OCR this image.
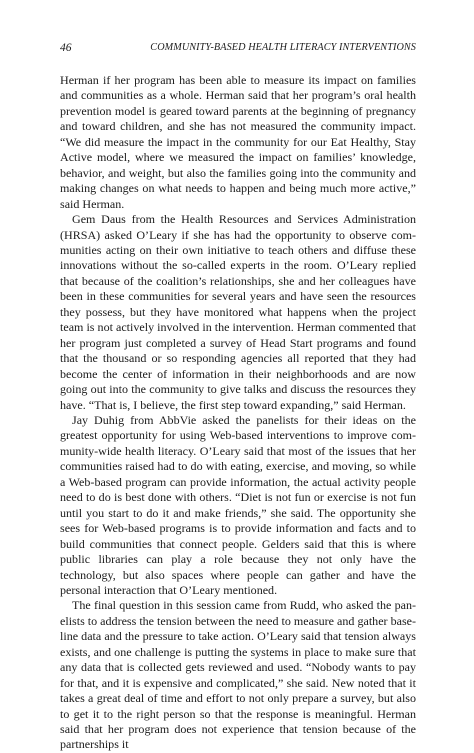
46	COMMUNITY-BASED HEALTH LITERACY INTERVENTIONS

Herman if her program has been able to measure its impact on families and communities as a whole. Herman said that her program’s oral health prevention model is geared toward parents at the beginning of pregnancy and toward children, and she has not measured the community impact. “We did measure the impact in the community for our Eat Healthy, Stay Active model, where we measured the impact on families’ knowledge, behavior, and weight, but also the families going into the community and making changes on what needs to happen and being much more active,” said Herman.

Gem Daus from the Health Resources and Services Administration (HRSA) asked O’Leary if she has had the opportunity to observe communities acting on their own initiative to teach others and diffuse these innovations without the so-called experts in the room. O’Leary replied that because of the coalition’s relationships, she and her colleagues have been in these communities for several years and have seen the resources they possess, but they have monitored what happens when the project team is not actively involved in the intervention. Herman commented that her program just completed a survey of Head Start programs and found that the thousand or so responding agencies all reported that they had become the center of information in their neighborhoods and are now going out into the community to give talks and discuss the resources they have. “That is, I believe, the first step toward expanding,” said Herman.

Jay Duhig from AbbVie asked the panelists for their ideas on the greatest opportunity for using Web-based interventions to improve community-wide health literacy. O’Leary said that most of the issues that her communities raised had to do with eating, exercise, and moving, so while a Web-based program can provide information, the actual activity people need to do is best done with others. “Diet is not fun or exercise is not fun until you start to do it and make friends,” she said. The opportunity she sees for Web-based programs is to provide information and facts and to build communities that connect people. Gelders said that this is where public libraries can play a role because they not only have the technology, but also spaces where people can gather and have the personal interaction that O’Leary mentioned.

The final question in this session came from Rudd, who asked the panelists to address the tension between the need to measure and gather baseline data and the pressure to take action. O’Leary said that tension always exists, and one challenge is putting the systems in place to make sure that any data that is collected gets reviewed and used. “Nobody wants to pay for that, and it is expensive and complicated,” she said. New noted that it takes a great deal of time and effort to not only prepare a survey, but also to get it to the right person so that the response is meaningful. Herman said that her program does not experience that tension because of the partnerships it
